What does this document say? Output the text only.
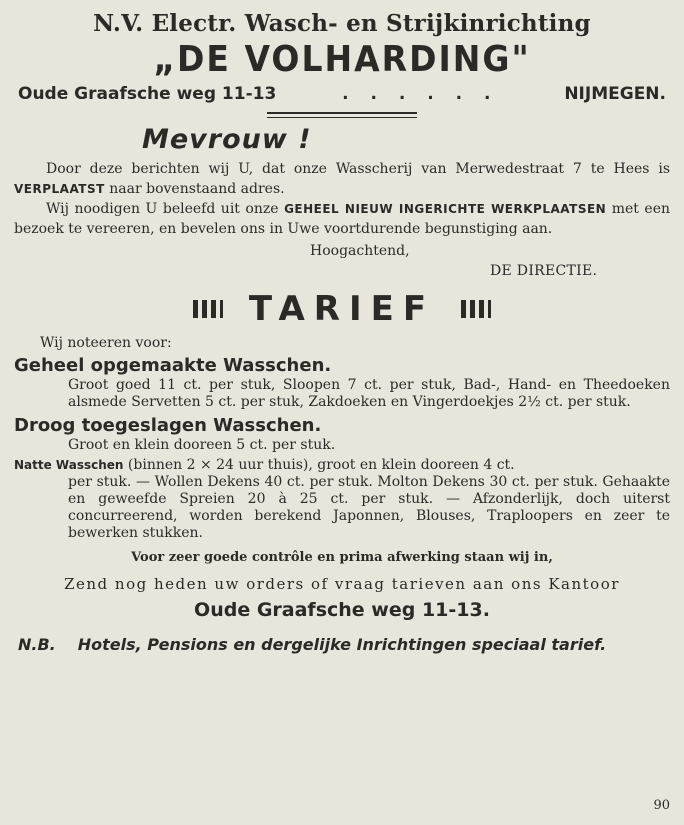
N.V. Electr. Wasch- en Strijkinrichting
„DE VOLHARDING"
Oude Graafsche weg 11-13	. . . . . .	NIJMEGEN.
Mevrouw !

Door deze berichten wij U, dat onze Wasscherij van Merwedestraat 7 te Hees is VERPLAATST naar bovenstaand adres.

Wij noodigen U beleefd uit onze GEHEEL NIEUW INGERICHTE WERKPLAATSEN met een bezoek te vereeren, en bevelen ons in Uwe voortdurende begunstiging aan.

Hoogachtend,
DE DIRECTIE.
TARIEF
Wij noteeren voor:
Geheel opgemaakte Wasschen.
Groot goed 11 ct. per stuk, Sloopen 7 ct. per stuk, Bad-, Hand- en Theedoeken alsmede Servetten 5 ct. per stuk, Zakdoeken en Vingerdoekjes 2½ ct. per stuk.
Droog toegeslagen Wasschen.
Groot en klein dooreen 5 ct. per stuk.
Natte Wasschen (binnen 2 × 24 uur thuis), groot en klein dooreen 4 ct.
per stuk. — Wollen Dekens 40 ct. per stuk. Molton Dekens 30 ct. per stuk. Gehaakte en geweefde Spreien 20 à 25 ct. per stuk. — Afzonderlijk, doch uiterst concurreerend, worden berekend Japonnen, Blouses, Traploopers en zeer te bewerken stukken.
Voor zeer goede contrôle en prima afwerking staan wij in,
Zend nog heden uw orders of vraag tarieven aan ons Kantoor
Oude Graafsche weg 11-13.
N.B. Hotels, Pensions en dergelijke Inrichtingen speciaal tarief.
90
